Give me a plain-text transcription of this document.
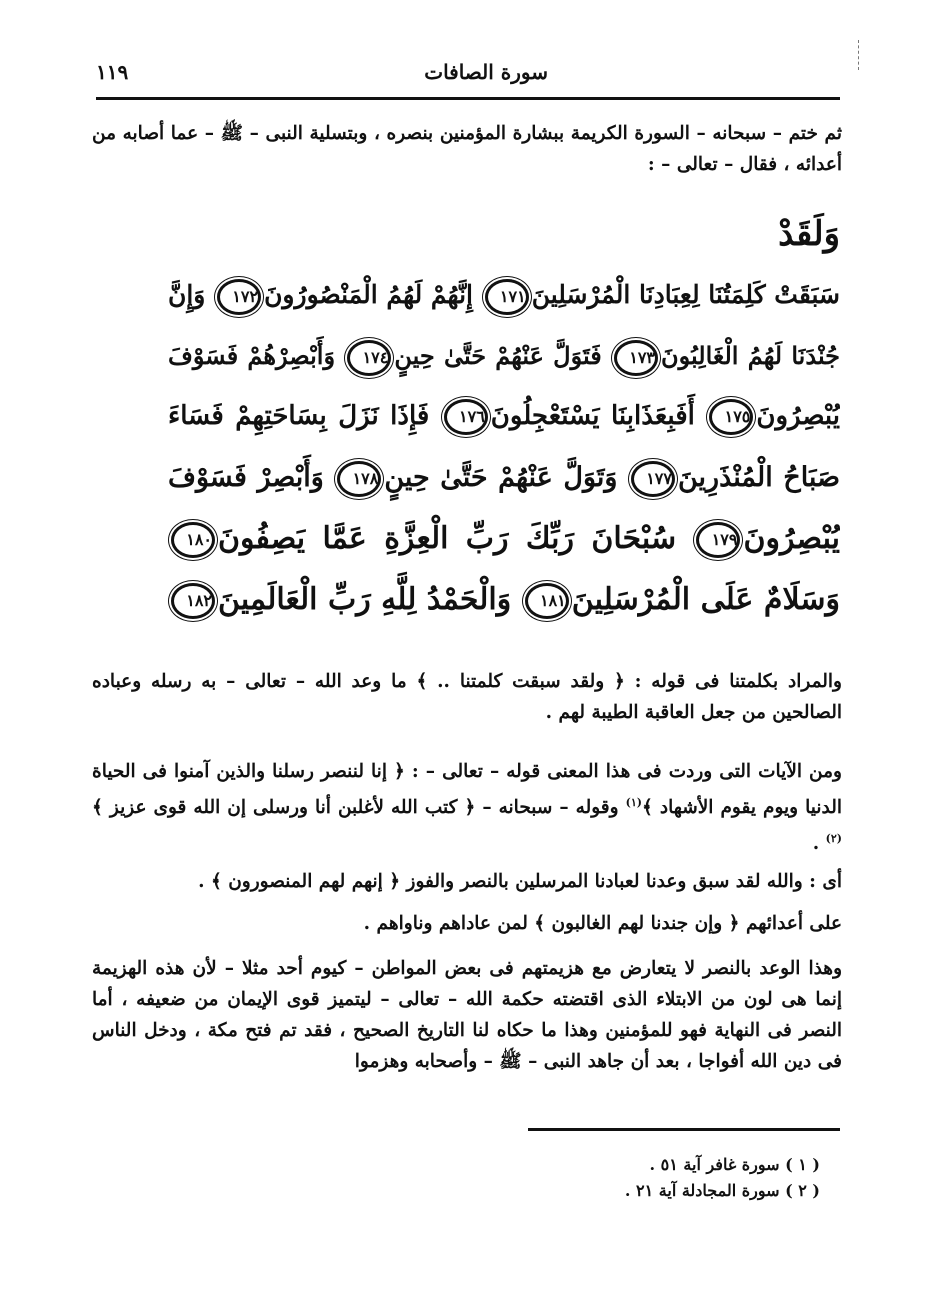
سورة الصافات
١١٩
ثم ختم – سبحانه – السورة الكريمة ببشارة المؤمنين بنصره ، وبتسلية النبى – ﷺ – عما أصابه من أعدائه ، فقال – تعالى – :
وَلَقَدْ
سَبَقَتْ كَلِمَتُنَا لِعِبَادِنَا الْمُرْسَلِينَ١٧١ إِنَّهُمْ لَهُمُ الْمَنْصُورُونَ١٧٢ وَإِنَّ
جُنْدَنَا لَهُمُ الْغَالِبُونَ١٧٣ فَتَوَلَّ عَنْهُمْ حَتَّىٰ حِينٍ١٧٤ وَأَبْصِرْهُمْ فَسَوْفَ
يُبْصِرُونَ١٧٥ أَفَبِعَذَابِنَا يَسْتَعْجِلُونَ١٧٦ فَإِذَا نَزَلَ بِسَاحَتِهِمْ فَسَاءَ
صَبَاحُ الْمُنْذَرِينَ١٧٧ وَتَوَلَّ عَنْهُمْ حَتَّىٰ حِينٍ١٧٨ وَأَبْصِرْ فَسَوْفَ
يُبْصِرُونَ١٧٩ سُبْحَانَ رَبِّكَ رَبِّ الْعِزَّةِ عَمَّا يَصِفُونَ١٨٠
وَسَلَامٌ عَلَى الْمُرْسَلِينَ١٨١ وَالْحَمْدُ لِلَّهِ رَبِّ الْعَالَمِينَ١٨٢
والمراد بكلمتنا فى قوله : ﴿ ولقد سبقت كلمتنا .. ﴾ ما وعد الله – تعالى – به رسله وعباده الصالحين من جعل العاقبة الطيبة لهم .
ومن الآيات التى وردت فى هذا المعنى قوله – تعالى – : ﴿ إنا لننصر رسلنا والذين آمنوا فى الحياة الدنيا ويوم يقوم الأشهاد ﴾$^{(١)}$ وقوله – سبحانه – ﴿ كتب الله لأغلبن أنا ورسلى إن الله قوى عزيز ﴾$^{(٢)}$ .
أى : والله لقد سبق وعدنا لعبادنا المرسلين بالنصر والفوز ﴿ إنهم لهم المنصورون ﴾ .
على أعدائهم ﴿ وإن جندنا لهم الغالبون ﴾ لمن عاداهم وناواهم .
وهذا الوعد بالنصر لا يتعارض مع هزيمتهم فى بعض المواطن – كيوم أحد مثلا – لأن هذه الهزيمة إنما هى لون من الابتلاء الذى اقتضته حكمة الله – تعالى – ليتميز قوى الإيمان من ضعيفه ، أما النصر فى النهاية فهو للمؤمنين وهذا ما حكاه لنا التاريخ الصحيح ، فقد تم فتح مكة ، ودخل الناس فى دين الله أفواجا ، بعد أن جاهد النبى – ﷺ – وأصحابه وهزموا
( ١ ) سورة غافر آية ٥١ .
( ٢ ) سورة المجادلة آية ٢١ .
